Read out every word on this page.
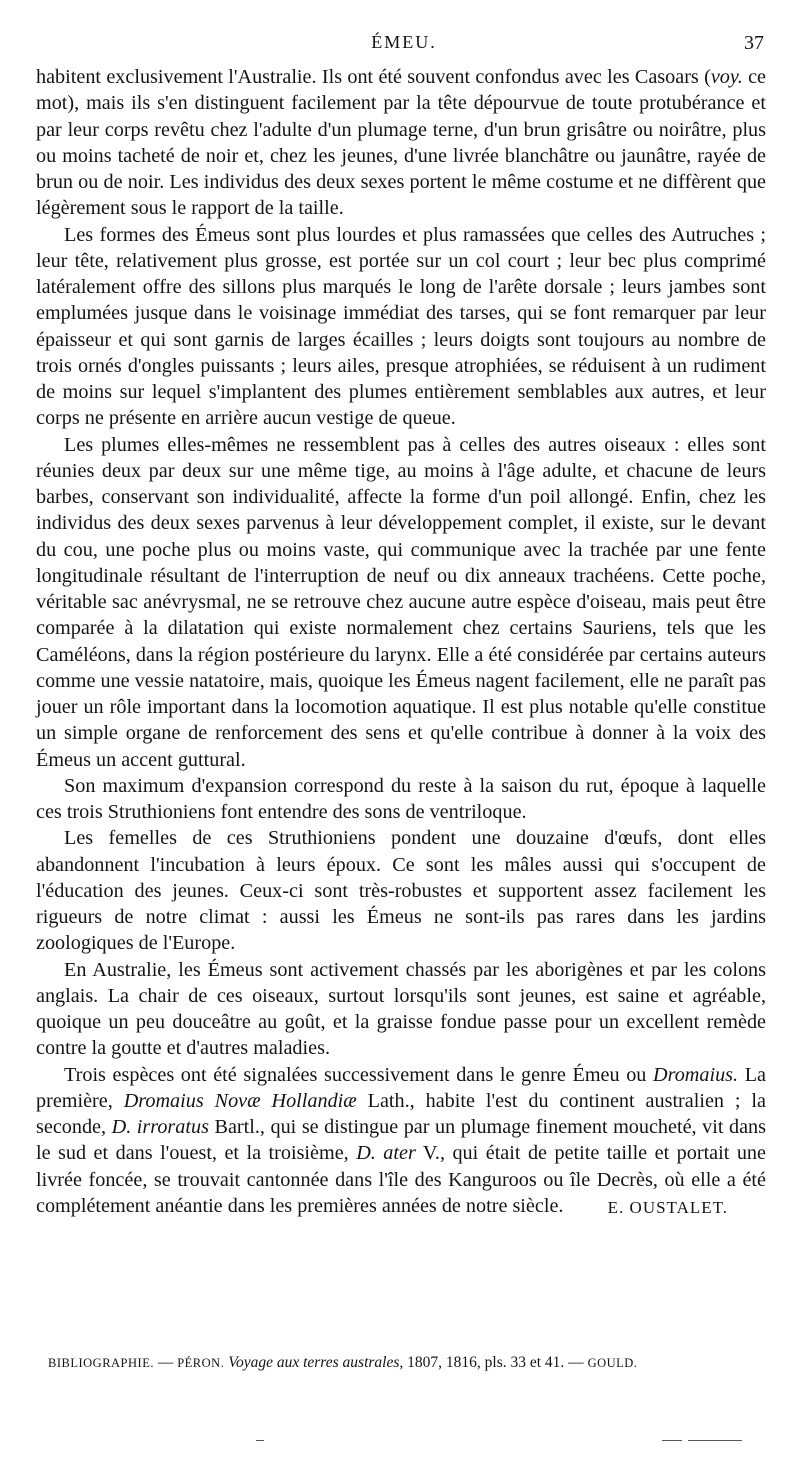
ÉMEU.	37

habitent exclusivement l'Australie. Ils ont été souvent confondus avec les Casoars (voy. ce mot), mais ils s'en distinguent facilement par la tête dépourvue de toute protubérance et par leur corps revêtu chez l'adulte d'un plumage terne, d'un brun grisâtre ou noirâtre, plus ou moins tacheté de noir et, chez les jeunes, d'une livrée blanchâtre ou jaunâtre, rayée de brun ou de noir. Les individus des deux sexes portent le même costume et ne diffèrent que légèrement sous le rapport de la taille.

Les formes des Émeus sont plus lourdes et plus ramassées que celles des Autruches ; leur tête, relativement plus grosse, est portée sur un col court ; leur bec plus comprimé latéralement offre des sillons plus marqués le long de l'arête dorsale ; leurs jambes sont emplumées jusque dans le voisinage immédiat des tarses, qui se font remarquer par leur épaisseur et qui sont garnis de larges écailles ; leurs doigts sont toujours au nombre de trois ornés d'ongles puissants ; leurs ailes, presque atrophiées, se réduisent à un rudiment de moins sur lequel s'implantent des plumes entièrement semblables aux autres, et leur corps ne présente en arrière aucun vestige de queue.

Les plumes elles-mêmes ne ressemblent pas à celles des autres oiseaux : elles sont réunies deux par deux sur une même tige, au moins à l'âge adulte, et chacune de leurs barbes, conservant son individualité, affecte la forme d'un poil allongé. Enfin, chez les individus des deux sexes parvenus à leur développement complet, il existe, sur le devant du cou, une poche plus ou moins vaste, qui communique avec la trachée par une fente longitudinale résultant de l'interruption de neuf ou dix anneaux trachéens. Cette poche, véritable sac anévrysmal, ne se retrouve chez aucune autre espèce d'oiseau, mais peut être comparée à la dilatation qui existe normalement chez certains Sauriens, tels que les Caméléons, dans la région postérieure du larynx. Elle a été considérée par certains auteurs comme une vessie natatoire, mais, quoique les Émeus nagent facilement, elle ne paraît pas jouer un rôle important dans la locomotion aquatique. Il est plus notable qu'elle constitue un simple organe de renforcement des sens et qu'elle contribue à donner à la voix des Émeus un accent guttural.

Son maximum d'expansion correspond du reste à la saison du rut, époque à laquelle ces trois Struthioniens font entendre des sons de ventriloque.

Les femelles de ces Struthioniens pondent une douzaine d'œufs, dont elles abandonnent l'incubation à leurs époux. Ce sont les mâles aussi qui s'occupent de l'éducation des jeunes. Ceux-ci sont très-robustes et supportent assez facilement les rigueurs de notre climat : aussi les Émeus ne sont-ils pas rares dans les jardins zoologiques de l'Europe.

En Australie, les Émeus sont activement chassés par les aborigènes et par les colons anglais. La chair de ces oiseaux, surtout lorsqu'ils sont jeunes, est saine et agréable, quoique un peu douceâtre au goût, et la graisse fondue passe pour un excellent remède contre la goutte et d'autres maladies.

Trois espèces ont été signalées successivement dans le genre Émeu ou Dromaius. La première, Dromaius Novæ Hollandiæ Lath., habite l'est du continent australien ; la seconde, D. irroratus Bartl., qui se distingue par un plumage finement moucheté, vit dans le sud et dans l'ouest, et la troisième, D. ater V., qui était de petite taille et portait une livrée foncée, se trouvait cantonnée dans l'île des Kangurоos ou île Decrès, où elle a été complétement anéantie dans les premières années de notre siècle.	E. OUSTALET.

BIBLIOGRAPHIE. — PÉRON. Voyage aux terres australes, 1807, 1816, pls. 33 et 41. — GOULD.
